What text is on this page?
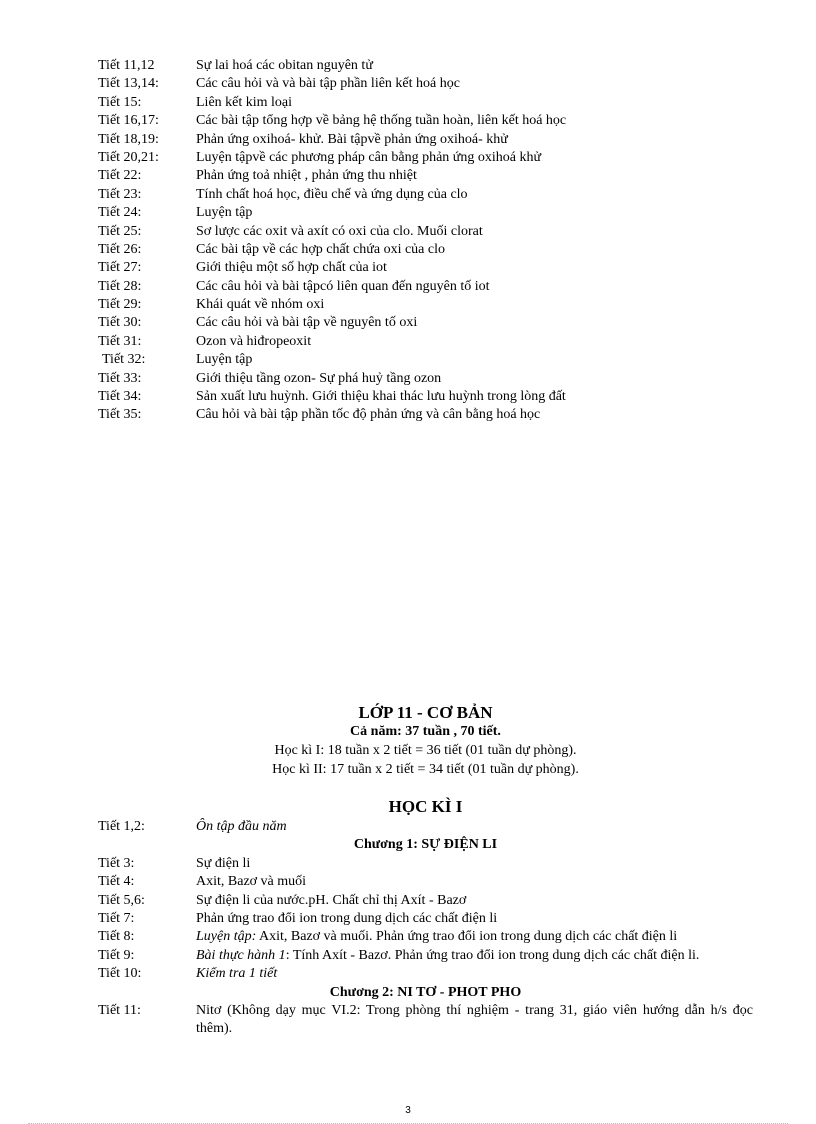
Tiết 11,12	Sự lai hoá các obitan nguyên tử
Tiết 13,14:	Các câu hỏi và và bài tập phần liên kết hoá học
Tiết 15:	Liên kết kim loại
Tiết 16,17:	Các bài tập tổng hợp về bảng hệ thống tuần hoàn, liên kết hoá học
Tiết 18,19:	Phản ứng oxihoá- khử. Bài tậpvề phản ứng oxihoá- khử
Tiết 20,21:	Luyện tậpvề các phương pháp cân bằng phản ứng oxihoá khử
Tiết 22:	Phản ứng toả nhiệt , phản ứng thu nhiệt
Tiết 23:	Tính chất hoá học, điều chế và ứng dụng của clo
Tiết 24:	Luyện tập
Tiết 25:	Sơ lược các oxit và axít có oxi của clo. Muối clorat
Tiết 26:	Các bài tập về các hợp chất chứa oxi của clo
Tiết 27:	Giới thiệu một số hợp chất của iot
Tiết 28:	Các câu hỏi và bài tậpcó liên quan đến nguyên tố iot
Tiết 29:	Khái quát về nhóm oxi
Tiết 30:	Các câu hỏi và bài tập về nguyên tố oxi
Tiết 31:	Ozon và hiđropeoxit
Tiết 32:	Luyện tập
Tiết 33:	Giới thiệu tầng ozon- Sự phá huỷ tầng ozon
Tiết 34:	Sản xuất lưu huỳnh. Giới thiệu khai thác lưu huỳnh trong lòng đất
Tiết 35:	Câu hỏi và bài tập phần tốc độ phản ứng và cân bằng hoá học
LỚP 11 - CƠ BẢN
Cả năm: 37 tuần , 70 tiết.
Học kì I: 18 tuần x 2 tiết = 36 tiết (01 tuần dự phòng).
Học kì II: 17 tuần x 2 tiết = 34 tiết (01 tuần dự phòng).
HỌC KÌ I
Tiết 1,2:	Ôn tập đầu năm
Chương 1: SỰ ĐIỆN LI
Tiết 3:	Sự điện li
Tiết 4:	Axit, Bazơ và muối
Tiết 5,6:	Sự điện li của nước.pH. Chất chỉ thị Axít - Bazơ
Tiết 7:	Phản ứng trao đổi ion trong dung dịch các chất điện li
Tiết 8:	Luyện tập: Axit, Bazơ và muối. Phản ứng trao đổi ion trong dung dịch các chất điện li
Tiết 9:	Bài thực hành 1: Tính Axít - Bazơ. Phản ứng trao đổi ion trong dung dịch các chất điện li.
Tiết 10:	Kiểm tra 1 tiết
Chương 2: NI TƠ - PHOT PHO
Tiết 11:	Nitơ (Không dạy mục VI.2: Trong phòng thí nghiệm - trang 31, giáo viên hướng dẫn h/s đọc thêm).
3
